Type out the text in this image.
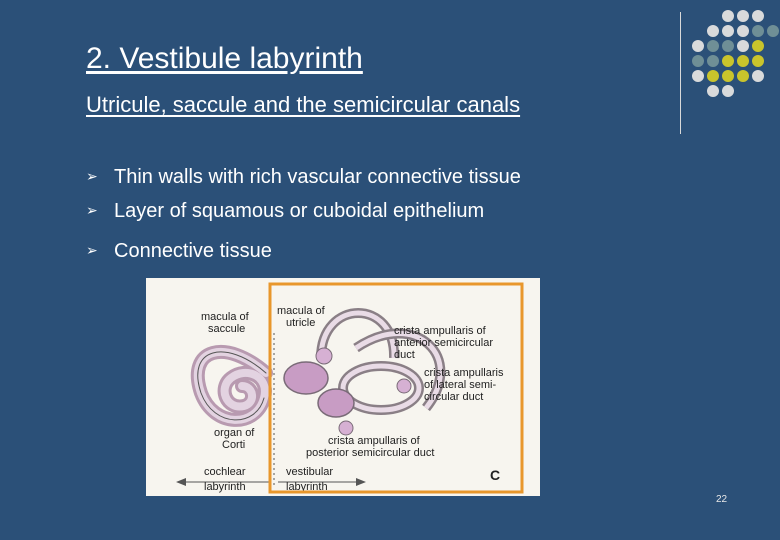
2. Vestibule labyrinth
Utricule, saccule and the semicircular canals
➢ Thin walls with rich vascular connective tissue
➢ Layer of squamous or cuboidal epithelium
➢ Connective tissue
macula of saccule
macula of utricle
crista ampullaris of anterior semicircular duct
crista ampullaris of lateral semi-circular duct
organ of Corti	crista ampullaris of posterior semicircular duct
cochlear labyrinth
vestibular labyrinth
C
22
